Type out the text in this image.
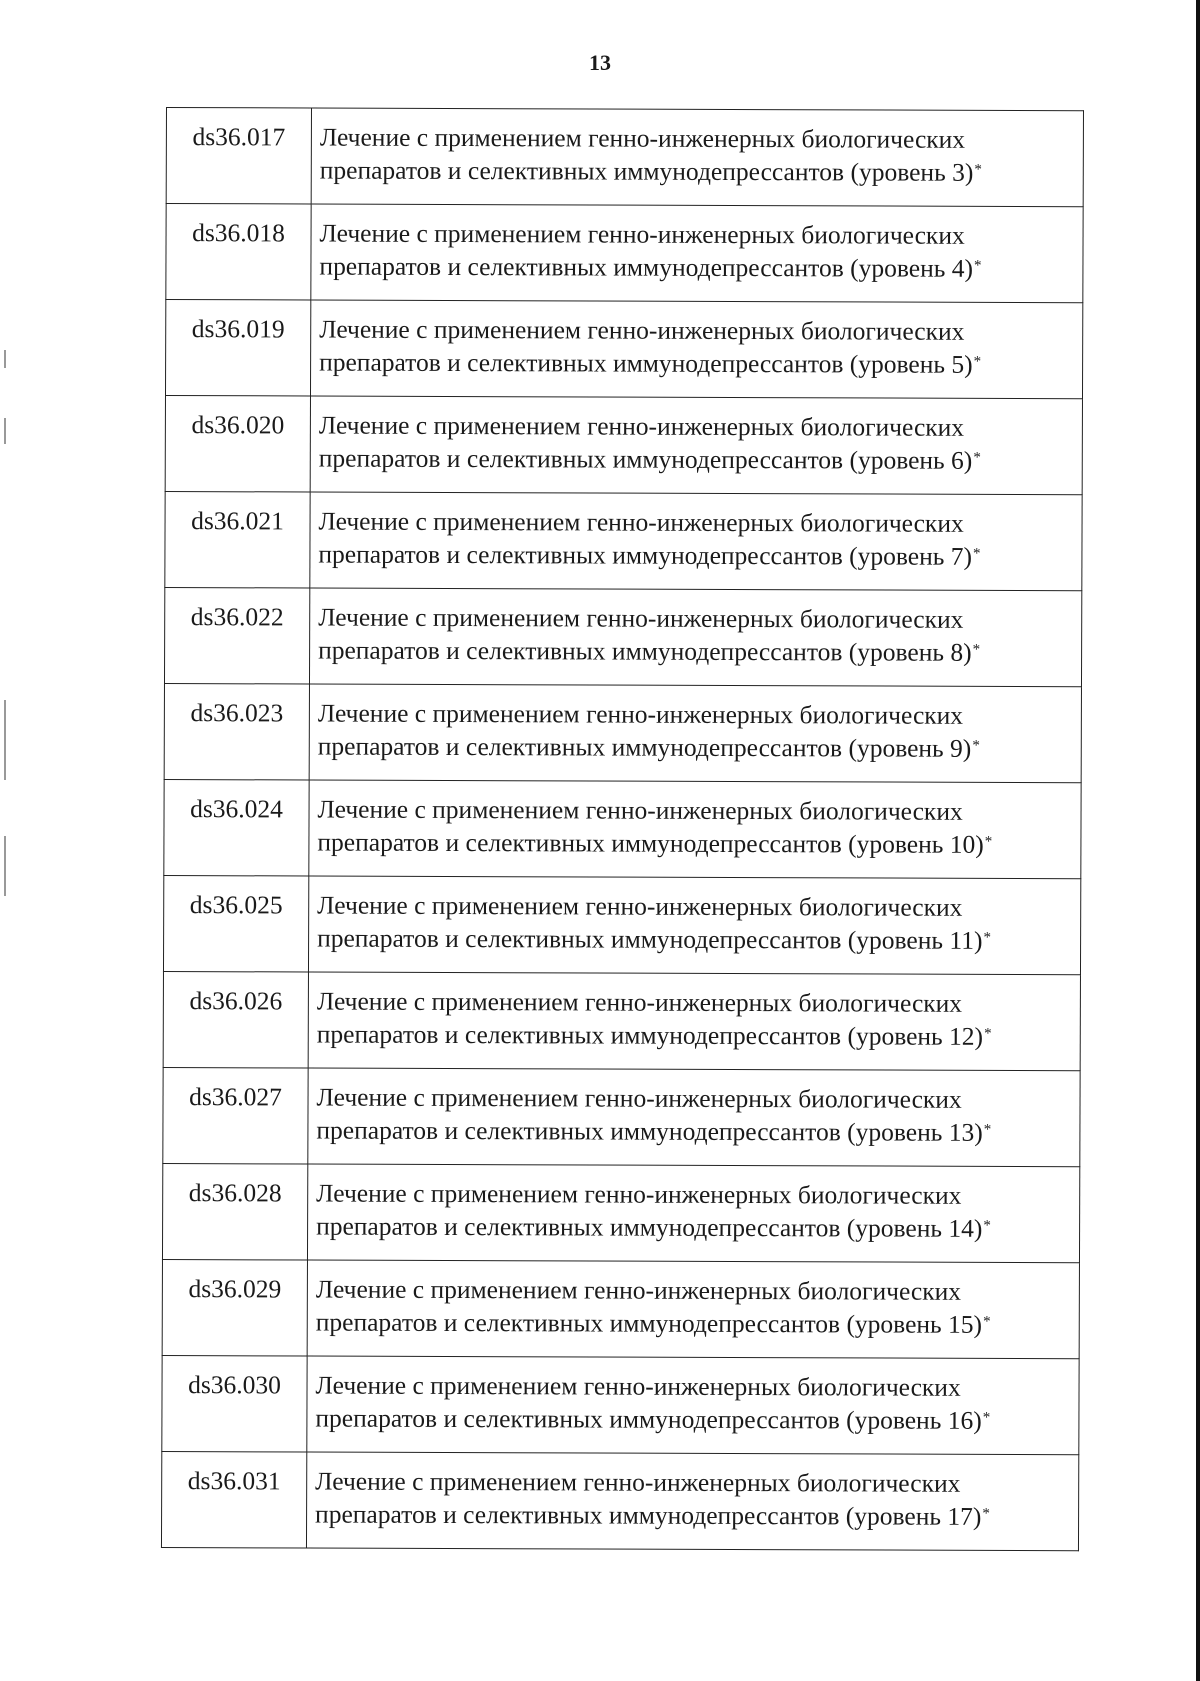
13
ds36.017	Лечение с применением генно-инженерных биологических
препаратов и селективных иммунодепрессантов (уровень 3)*

ds36.018	Лечение с применением генно-инженерных биологических
препаратов и селективных иммунодепрессантов (уровень 4)*

ds36.019	Лечение с применением генно-инженерных биологических
препаратов и селективных иммунодепрессантов (уровень 5)*

ds36.020	Лечение с применением генно-инженерных биологических
препаратов и селективных иммунодепрессантов (уровень 6)*

ds36.021	Лечение с применением генно-инженерных биологических
препаратов и селективных иммунодепрессантов (уровень 7)*

ds36.022	Лечение с применением генно-инженерных биологических
препаратов и селективных иммунодепрессантов (уровень 8)*

ds36.023	Лечение с применением генно-инженерных биологических
препаратов и селективных иммунодепрессантов (уровень 9)*

ds36.024	Лечение с применением генно-инженерных биологических
препаратов и селективных иммунодепрессантов (уровень 10)*

ds36.025	Лечение с применением генно-инженерных биологических
препаратов и селективных иммунодепрессантов (уровень 11)*

ds36.026	Лечение с применением генно-инженерных биологических
препаратов и селективных иммунодепрессантов (уровень 12)*

ds36.027	Лечение с применением генно-инженерных биологических
препаратов и селективных иммунодепрессантов (уровень 13)*

ds36.028	Лечение с применением генно-инженерных биологических
препаратов и селективных иммунодепрессантов (уровень 14)*

ds36.029	Лечение с применением генно-инженерных биологических
препаратов и селективных иммунодепрессантов (уровень 15)*

ds36.030	Лечение с применением генно-инженерных биологических
препаратов и селективных иммунодепрессантов (уровень 16)*

ds36.031	Лечение с применением генно-инженерных биологических
препаратов и селективных иммунодепрессантов (уровень 17)*
